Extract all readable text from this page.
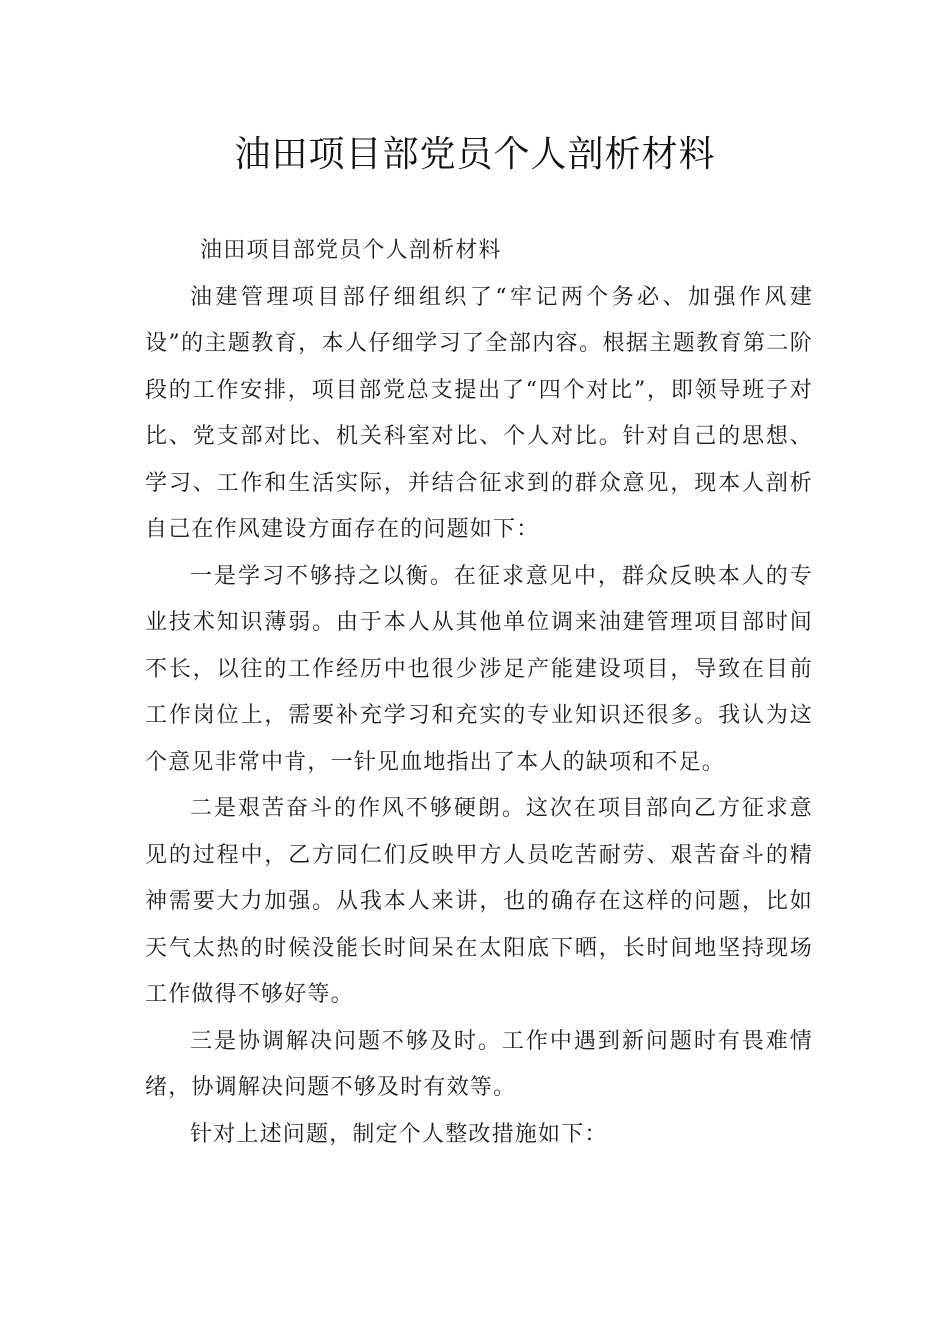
油田项目部党员个人剖析材料

油田项目部党员个人剖析材料

油建管理项目部仔细组织了“牢记两个务必、加强作风建设”的主题教育，本人仔细学习了全部内容。根据主题教育第二阶段的工作安排，项目部党总支提出了“四个对比”，即领导班子对比、党支部对比、机关科室对比、个人对比。针对自己的思想、学习、工作和生活实际，并结合征求到的群众意见，现本人剖析自己在作风建设方面存在的问题如下：

一是学习不够持之以衡。在征求意见中，群众反映本人的专业技术知识薄弱。由于本人从其他单位调来油建管理项目部时间不长，以往的工作经历中也很少涉足产能建设项目，导致在目前工作岗位上，需要补充学习和充实的专业知识还很多。我认为这个意见非常中肯，一针见血地指出了本人的缺项和不足。

二是艰苦奋斗的作风不够硬朗。这次在项目部向乙方征求意见的过程中，乙方同仁们反映甲方人员吃苦耐劳、艰苦奋斗的精神需要大力加强。从我本人来讲，也的确存在这样的问题，比如天气太热的时候没能长时间呆在太阳底下晒，长时间地坚持现场工作做得不够好等。

三是协调解决问题不够及时。工作中遇到新问题时有畏难情绪，协调解决问题不够及时有效等。

针对上述问题，制定个人整改措施如下：
